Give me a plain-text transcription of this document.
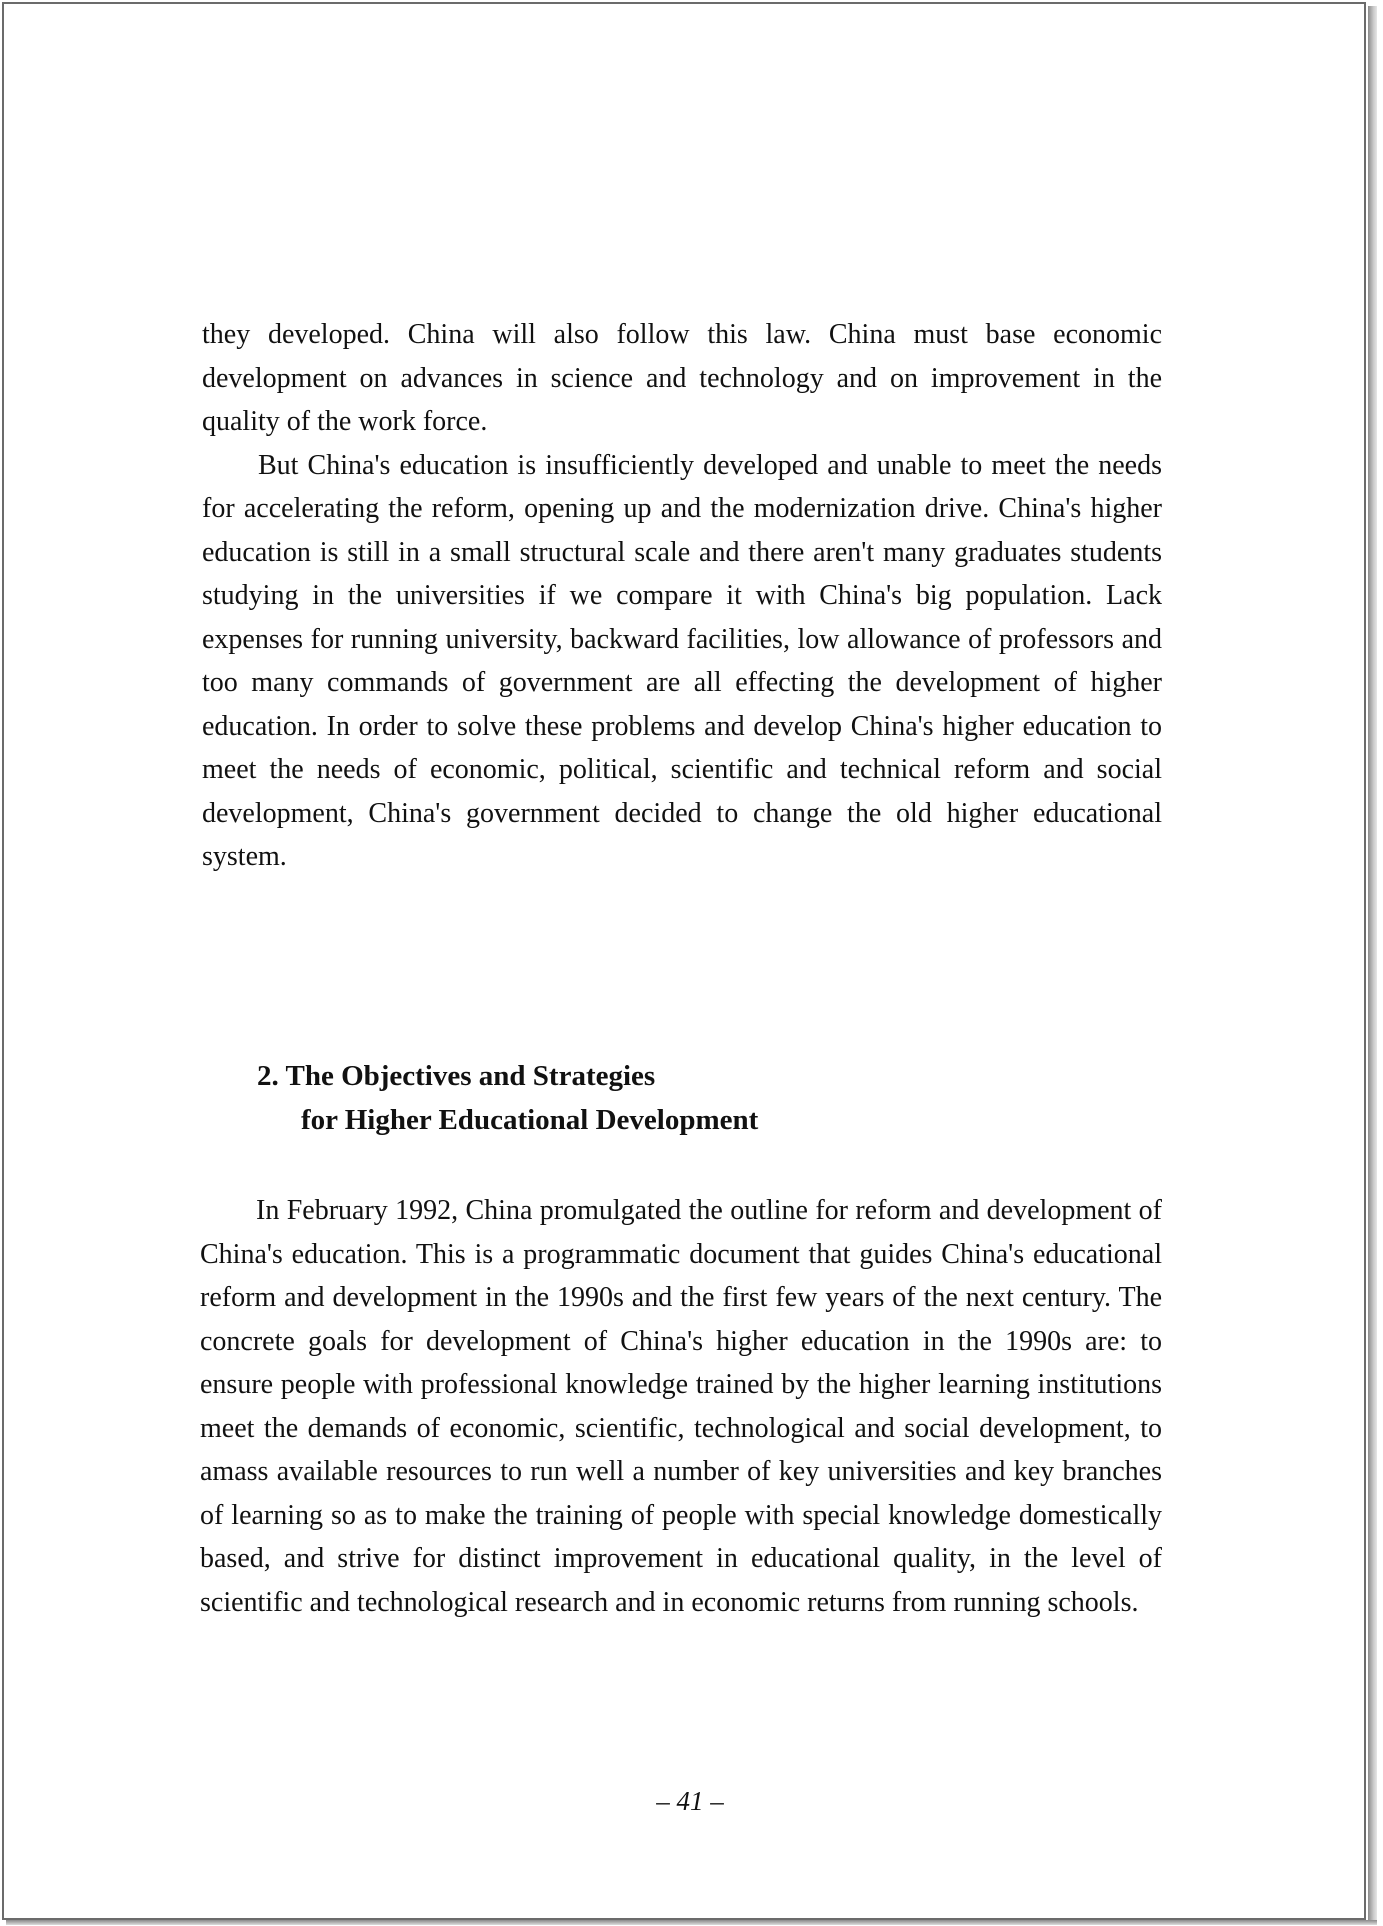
they developed. China will also follow this law. China must base economic development on advances in science and technology and on improvement in the quality of the work force.

But China's education is insufficiently developed and unable to meet the needs for accelerating the reform, opening up and the modernization drive. China's higher education is still in a small structural scale and there aren't many graduates students studying in the universities if we compare it with China's big population. Lack expenses for running university, backward facilities, low allowance of professors and too many commands of government are all effecting the development of higher education. In order to solve these problems and develop China's higher education to meet the needs of economic, political, scientific and technical reform and social development, China's government decided to change the old higher educational system.

2. The Objectives and Strategies
for Higher Educational Development

In February 1992, China promulgated the outline for reform and development of China's education. This is a programmatic document that guides China's educational reform and development in the 1990s and the first few years of the next century. The concrete goals for development of China's higher education in the 1990s are: to ensure people with professional knowledge trained by the higher learning institutions meet the demands of economic, scientific, technological and social development, to amass available resources to run well a number of key universities and key branches of learning so as to make the training of people with special knowledge domestically based, and strive for distinct improvement in educational quality, in the level of scientific and technological research and in economic returns from running schools.

– 41 –
